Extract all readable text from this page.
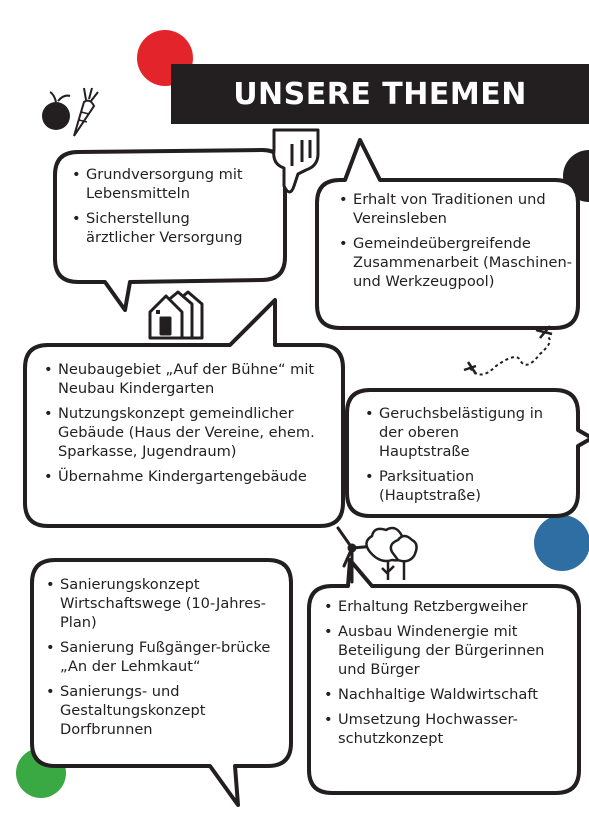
UNSERE THEMEN
• Grundversorgung mit Lebensmitteln
• Sicherstellung ärztlicher Versorgung
• Erhalt von Traditionen und Vereinsleben
• Gemeindeübergreifende Zusammenarbeit (Maschinen- und Werkzeugpool)
• Neubaugebiet „Auf der Bühne“ mit Neubau Kindergarten
• Nutzungskonzept gemeindlicher Gebäude (Haus der Vereine, ehem. Sparkasse, Jugendraum)
• Übernahme Kindergartengebäude
• Geruchsbelästigung in der oberen Hauptstraße
• Parksituation (Hauptstraße)
• Sanierungskonzept Wirtschaftswege (10-Jahres-Plan)
• Sanierung Fußgänger-brücke „An der Lehmkaut“
• Sanierungs- und Gestaltungskonzept Dorfbrunnen
• Erhaltung Retzbergweiher
• Ausbau Windenergie mit Beteiligung der Bürgerinnen und Bürger
• Nachhaltige Waldwirtschaft
• Umsetzung Hochwasser-schutzkonzept
